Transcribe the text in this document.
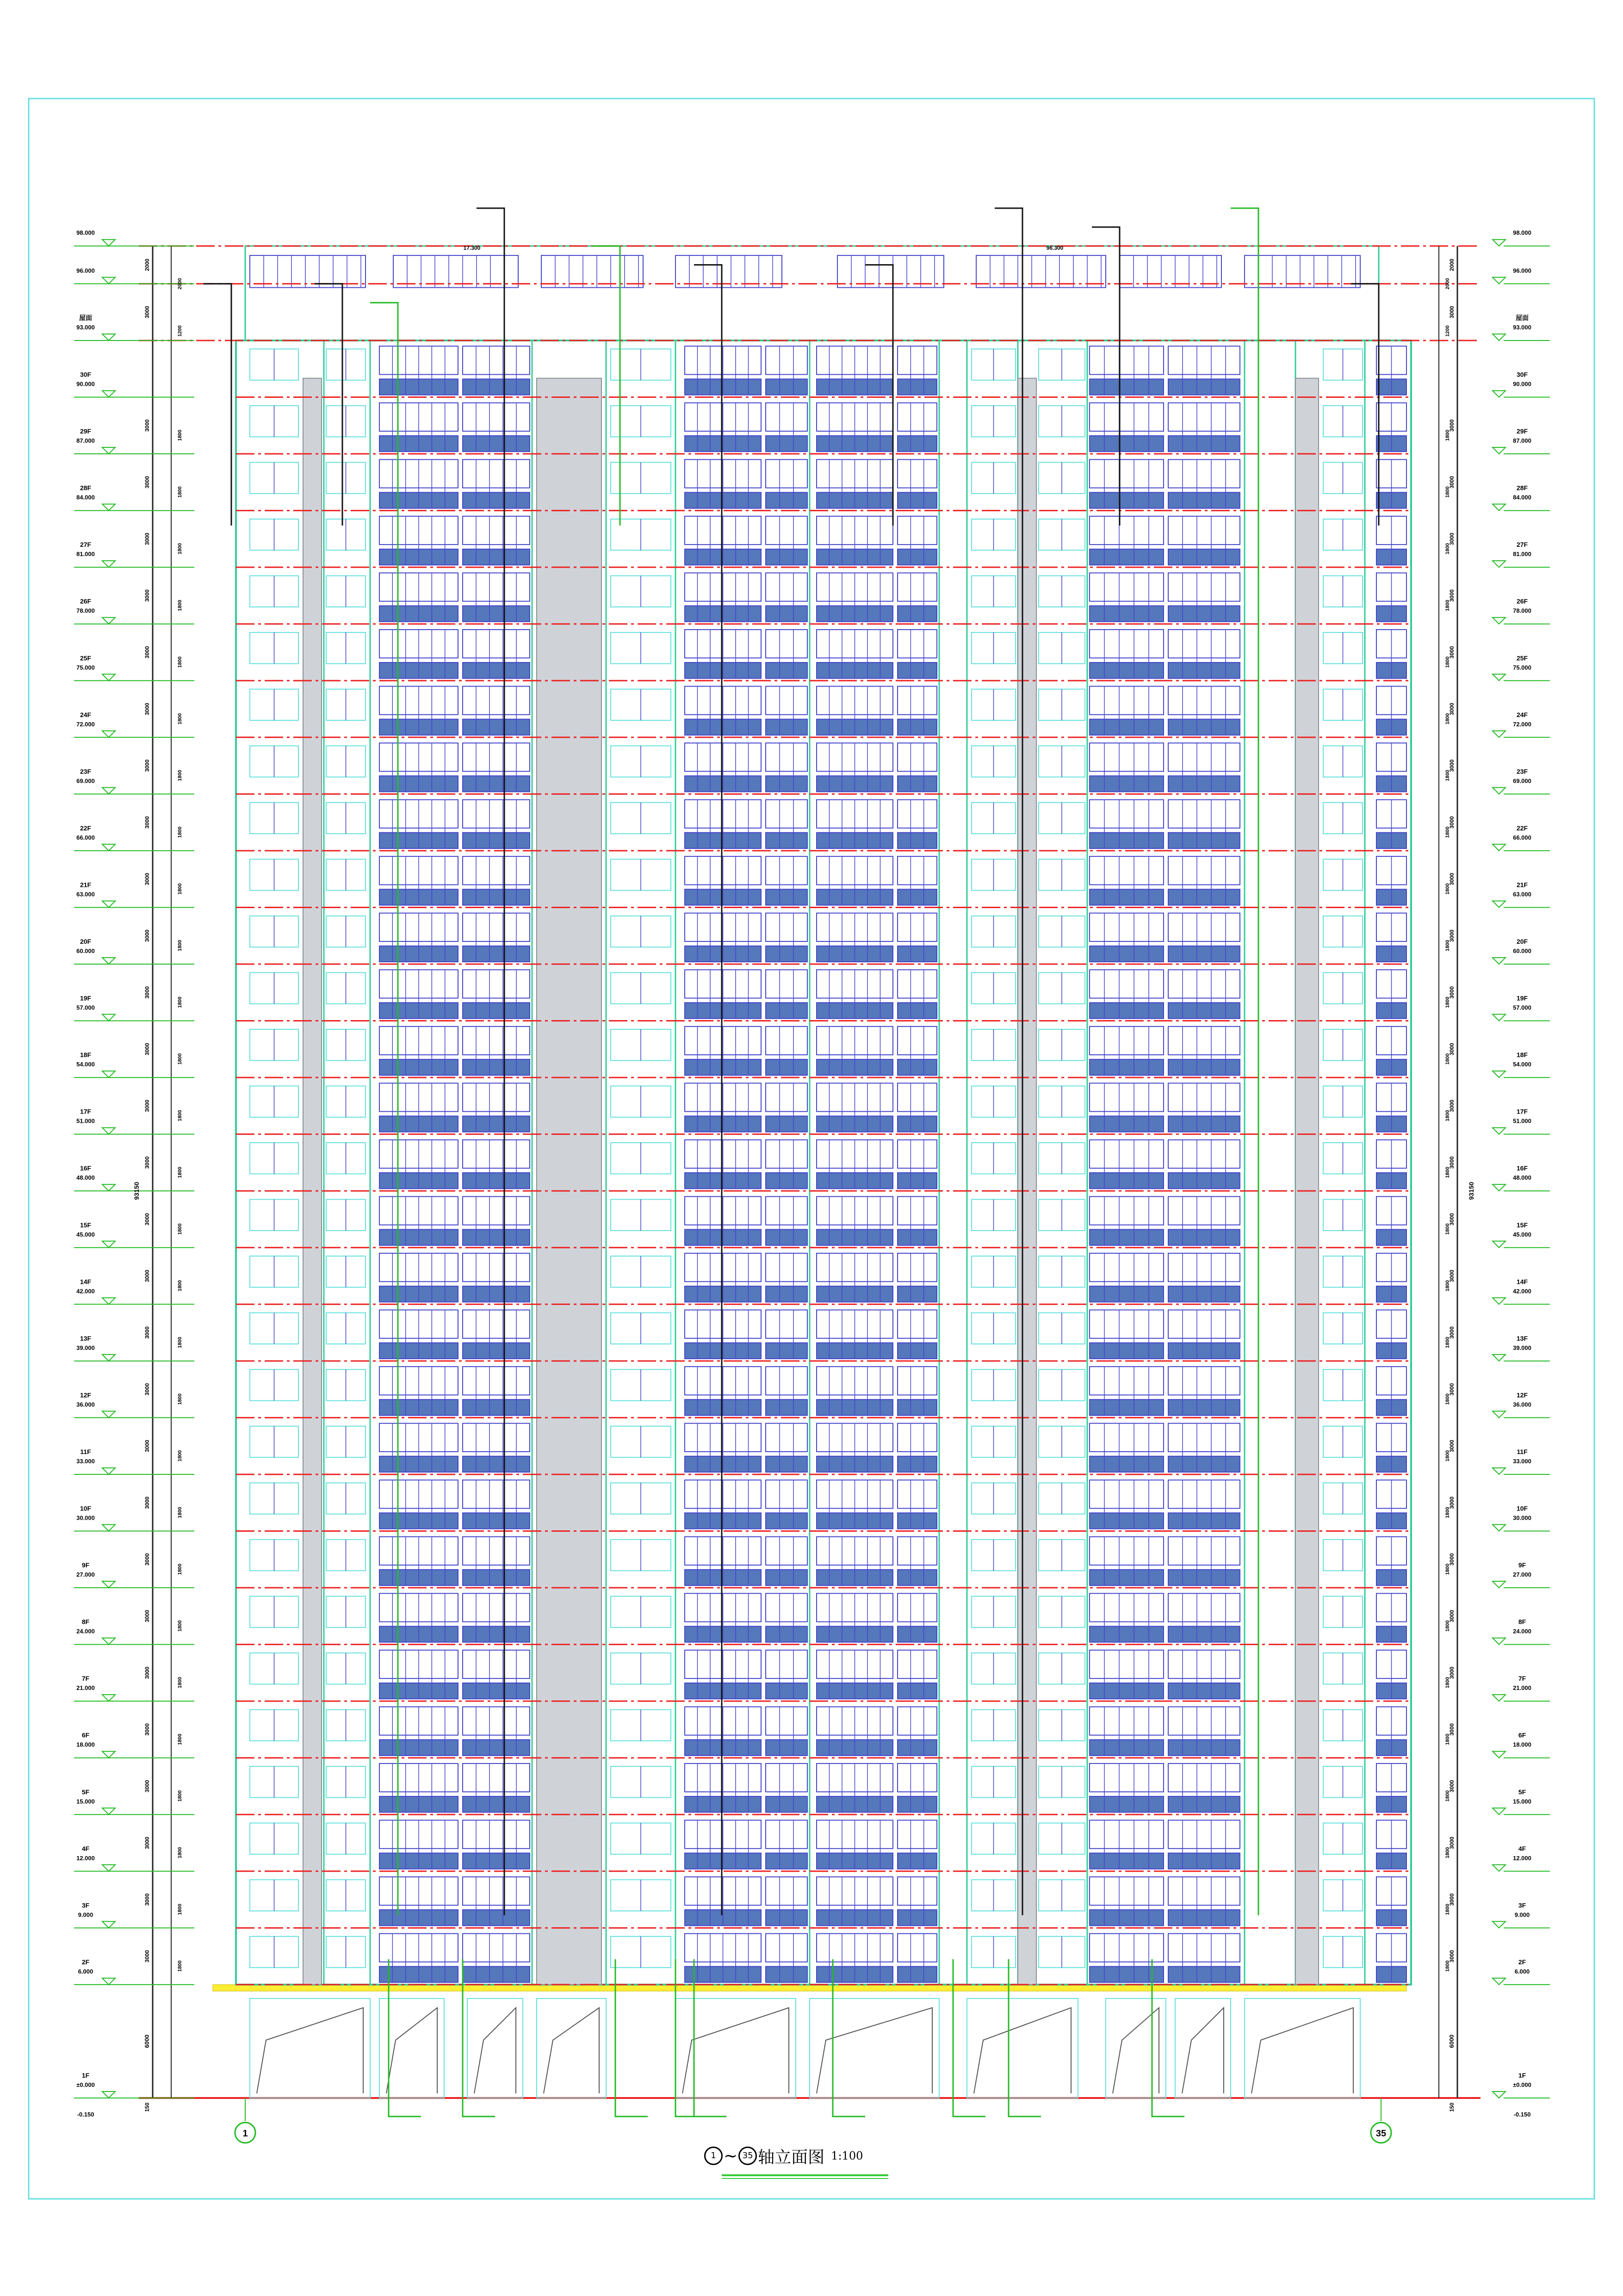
17.300	96.300
1F
±0.000
2F
6.000
3F
9.000
4F
12.000
5F
15.000
6F
18.000
7F
21.000
8F
24.000
9F
27.000
10F
30.000
11F
33.000
12F
36.000
13F
39.000
14F
42.000
15F
45.000
16F
48.000
17F
51.000
18F
54.000
19F
57.000
20F
60.000
21F
63.000
22F
66.000
23F
69.000
24F
72.000
25F
75.000
26F
78.000
27F
81.000
28F
84.000
29F
87.000
30F
90.000
屋面
93.000
96.000
98.000
3000
1800
3000
1800
3000
1800
3000
1800
3000
1800
3000
1800
3000
1800
3000
1800
3000
1800
3000
1800
3000
1800
3000
1800
3000
1800
3000
1800
3000
1800
3000
1800
3000
1800
3000
1800
3000
1800
3000
1800
3000
1800
3000
1800
3000
1800
3000
1800
3000
1800
3000
1800
3000
1800
3000
1800
6000
150
2000
3000
2000
1200
93150
-0.150
1F
±0.000
2F
6.000
3F
9.000
4F
12.000
5F
15.000
6F
18.000
7F
21.000
8F
24.000
9F
27.000
10F
30.000
11F
33.000
12F
36.000
13F
39.000
14F
42.000
15F
45.000
16F
48.000
17F
51.000
18F
54.000
19F
57.000
20F
60.000
21F
63.000
22F
66.000
23F
69.000
24F
72.000
25F
75.000
26F
78.000
27F
81.000
28F
84.000
29F
87.000
30F
90.000
屋面
93.000
96.000
98.000
3000
1800
3000
1800
3000
1800
3000
1800
3000
1800
3000
1800
3000
1800
3000
1800
3000
1800
3000
1800
3000
1800
3000
1800
3000
1800
3000
1800
3000
1800
3000
1800
3000
1800
3000
1800
3000
1800
3000
1800
3000
1800
3000
1800
3000
1800
3000
1800
3000
1800
3000
1800
3000
1800
3000
1800
6000
150
2000
3000
2000
1200
93150
-0.150
1	35
1 ~ 35 轴立面图 1:100
